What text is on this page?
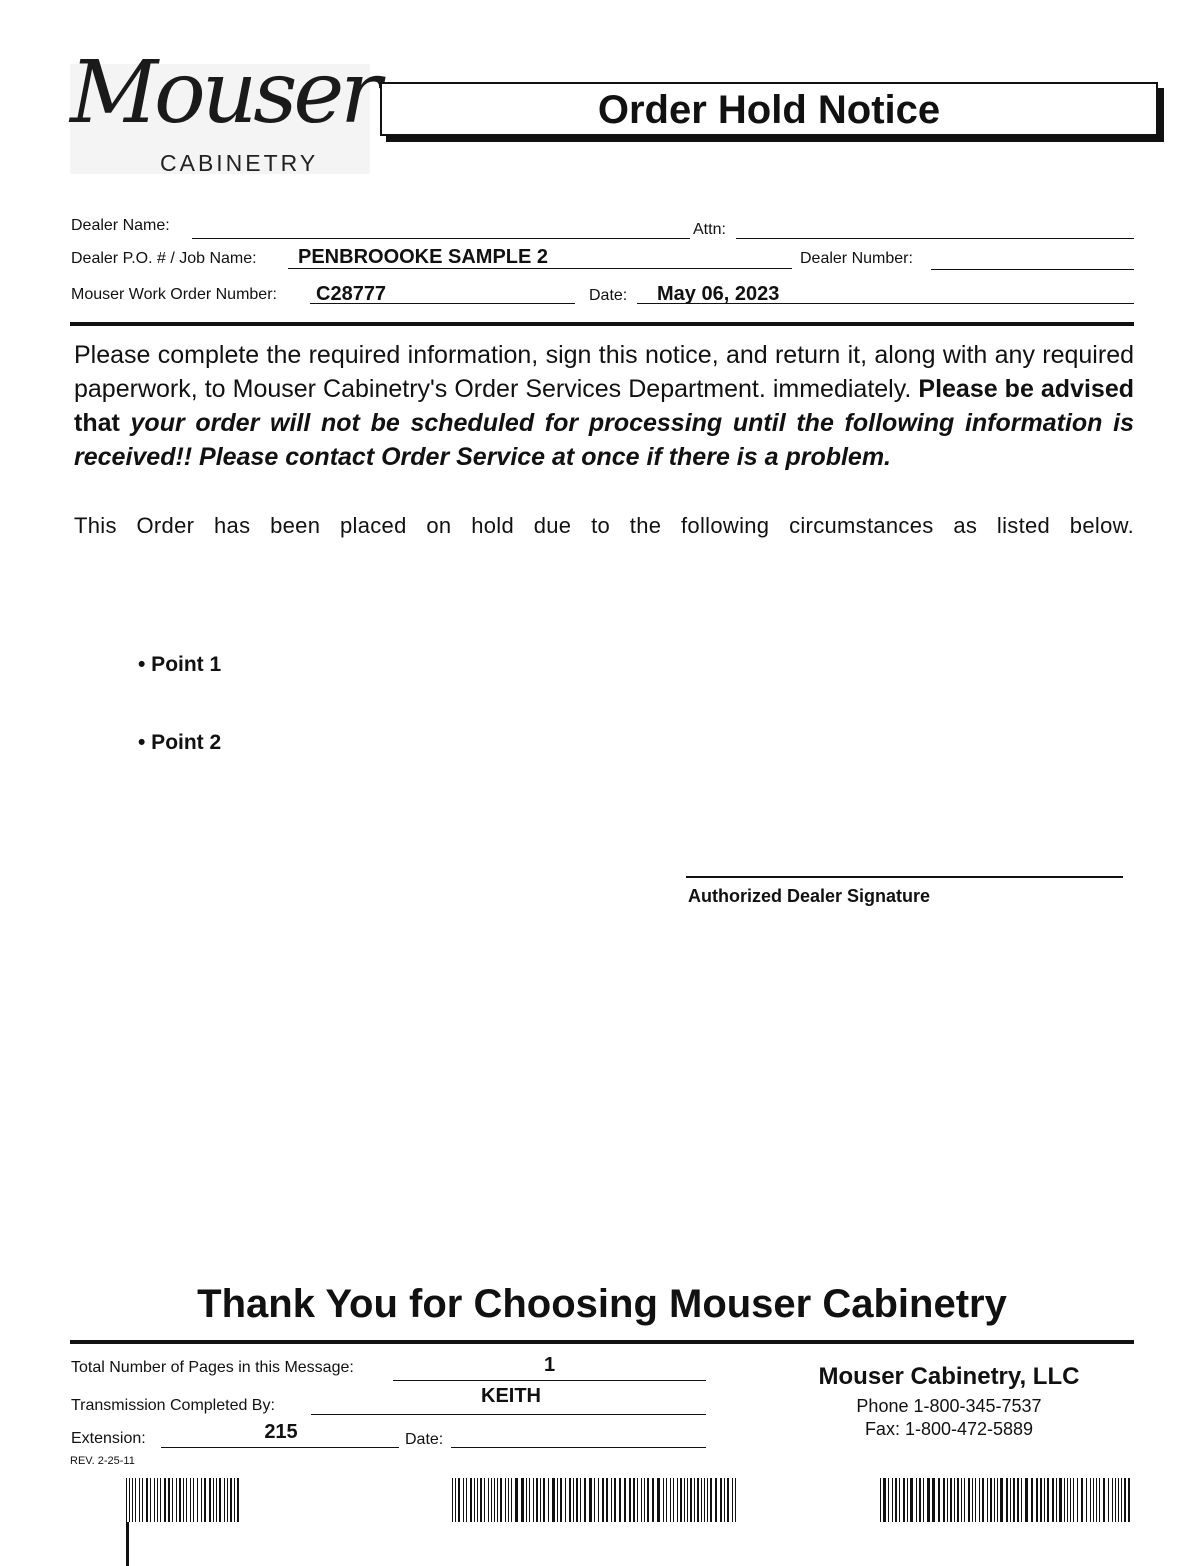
Mouser
CABINETRY
Order Hold Notice
Dealer Name:	Attn:
Dealer P.O. # / Job Name: PENBROOOKE SAMPLE 2	Dealer Number:
Mouser Work Order Number: C28777	Date: May 06, 2023
Please complete the required information, sign this notice, and return it, along with any required paperwork, to Mouser Cabinetry's Order Services Department. immediately. Please be advised that your order will not be scheduled for processing until the following information is received!! Please contact Order Service at once if there is a problem.
This Order has been placed on hold due to the following circumstances as listed below.
• Point 1
• Point 2
Authorized Dealer Signature
Thank You for Choosing Mouser Cabinetry
Total Number of Pages in this Message:	1
Transmission Completed By:	KEITH
Extension:	215	Date:
REV. 2-25-11
Mouser Cabinetry, LLC
Phone 1-800-345-7537
Fax: 1-800-472-5889
